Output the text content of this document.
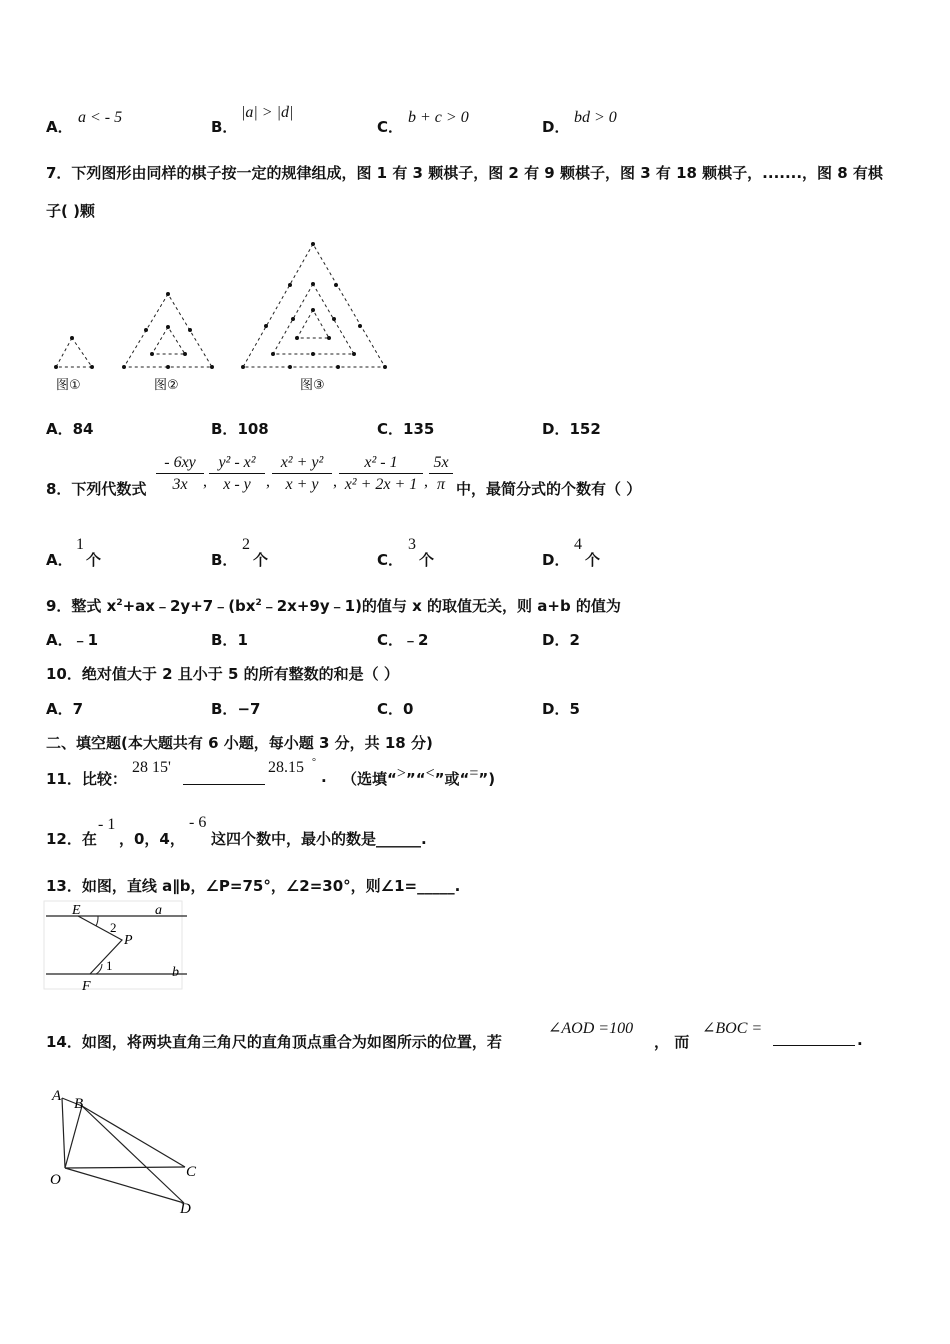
A．
a < - 5
B．
|a| > |d|
C．
b + c > 0
D．
bd > 0
7．下列图形由同样的棋子按一定的规律组成，图 1 有 3 颗棋子，图 2 有 9 颗棋子，图 3 有 18 颗棋子，.......，图 8 有棋
子( )颗
图①	图②	图③
A．84	B．108	C．135	D．152
8．下列代数式 $\frac{- 6xy}{3x}$ , $\frac{\text{y² - x²}}{x - y}$ , $\frac{\text{x² + y²}}{x + y}$ , $\frac{\text{x² - 1}}{\text{x² + 2x + 1}}$ , $\frac{5x}{\pi}$ 中，最简分式的个数有（ ）
A．
1
个	B．
2
个	C．
3
个	D．
4
个
9．整式 $x^2+ax﹣2y+7﹣(bx^2﹣2x+9y﹣1)$的值与 x 的取值无关，则 a+b 的值为
A．﹣1	B．1	C．﹣2	D．2
10．绝对值大于 2 且小于 5 的所有整数的和是（ ）
A．7	B．−7	C．0	D．5
二、填空题(本大题共有 6 小题，每小题 3 分，共 18 分)
11．比较：
28 15'	28.15 °
. （选填“>”“<”或“=”)
12．在
- 1
，0，4，
- 6
这四个数中，最小的数是______.
13．如图，直线 a∥b，∠P=75°，∠2=30°，则∠1=_____.
E	a
2
P
1
F
b
14．如图，将两块直角三角尺的直角顶点重合为如图所示的位置，若
∠AOD =100
， 而
∠BOC =
.
A B
O	C
D
